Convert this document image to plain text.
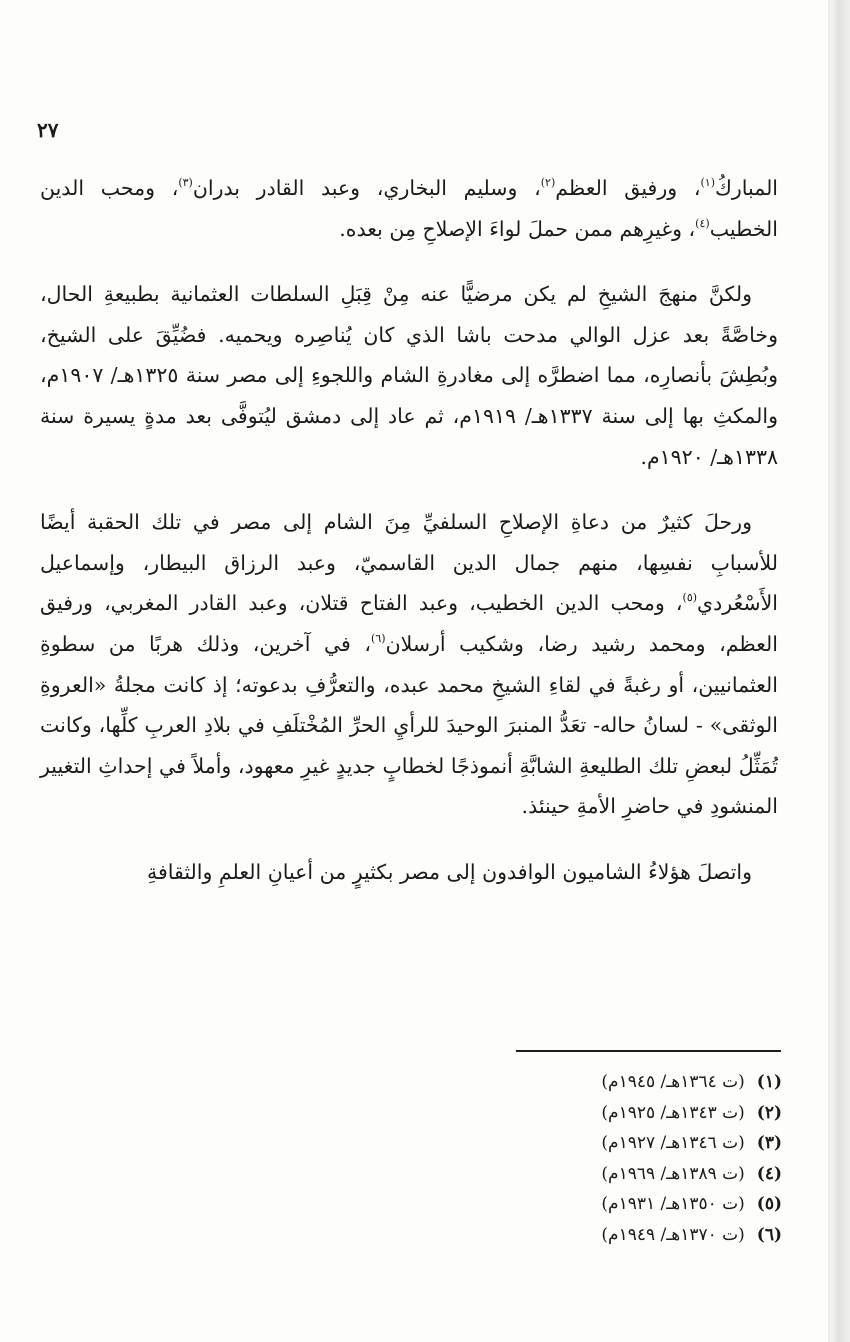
٢٧

المباركُ$^{(١)}$، ورفيق العظم$^{(٢)}$، وسليم البخاري، وعبد القادر بدران$^{(٣)}$، ومحب الدين الخطيب$^{(٤)}$، وغيرِهم ممن حملَ لواءَ الإصلاحِ مِن بعده.

ولكنَّ منهجَ الشيخِ لم يكن مرضيًّا عنه مِنْ قِبَلِ السلطات العثمانية بطبيعةِ الحال، وخاصَّةً بعد عزل الوالي مدحت باشا الذي كان يُناصِره ويحميه. فضُيِّقَ على الشيخ، وبُطِشَ بأنصارِه، مما اضطرَّه إلى مغادرةِ الشام واللجوءِ إلى مصر سنة ١٣٢٥هـ/ ١٩٠٧م، والمكثِ بها إلى سنة ١٣٣٧هـ/ ١٩١٩م، ثم عاد إلى دمشق ليُتوفَّى بعد مدةٍ يسيرة سنة ١٣٣٨هـ/ ١٩٢٠م.

ورحلَ كثيرٌ من دعاةِ الإصلاحِ السلفيِّ مِنَ الشام إلى مصر في تلك الحقبة أيضًا للأسبابِ نفسِها، منهم جمال الدين القاسميّ، وعبد الرزاق البيطار، وإسماعيل الأَسْعُردي$^{(٥)}$، ومحب الدين الخطيب، وعبد الفتاح قتلان، وعبد القادر المغربي، ورفيق العظم، ومحمد رشيد رضا، وشكيب أرسلان$^{(٦)}$، في آخرين، وذلك هربًا من سطوةِ العثمانيين، أو رغبةً في لقاءِ الشيخِ محمد عبده، والتعرُّفِ بدعوته؛ إذ كانت مجلةُ «العروةِ الوثقى» - لسانُ حاله- تعَدُّ المنبرَ الوحيدَ للرأيِ الحرِّ المُخْتلَفِ في بلادِ العربِ كلِّها، وكانت تُمَثِّلُ لبعضِ تلك الطليعةِ الشابَّةِ أنموذجًا لخطابٍ جديدٍ غيرِ معهود، وأملاً في إحداثِ التغيير المنشودِ في حاضرِ الأمةِ حينئذ.

واتصلَ هؤلاءُ الشاميون الوافدون إلى مصر بكثيرٍ من أعيانِ العلمِ والثقافةِ

(١)(ت ١٣٦٤هـ/ ١٩٤٥م)
(٢)(ت ١٣٤٣هـ/ ١٩٢٥م)
(٣)(ت ١٣٤٦هـ/ ١٩٢٧م)
(٤)(ت ١٣٨٩هـ/ ١٩٦٩م)
(٥)(ت ١٣٥٠هـ/ ١٩٣١م)
(٦)(ت ١٣٧٠هـ/ ١٩٤٩م)
